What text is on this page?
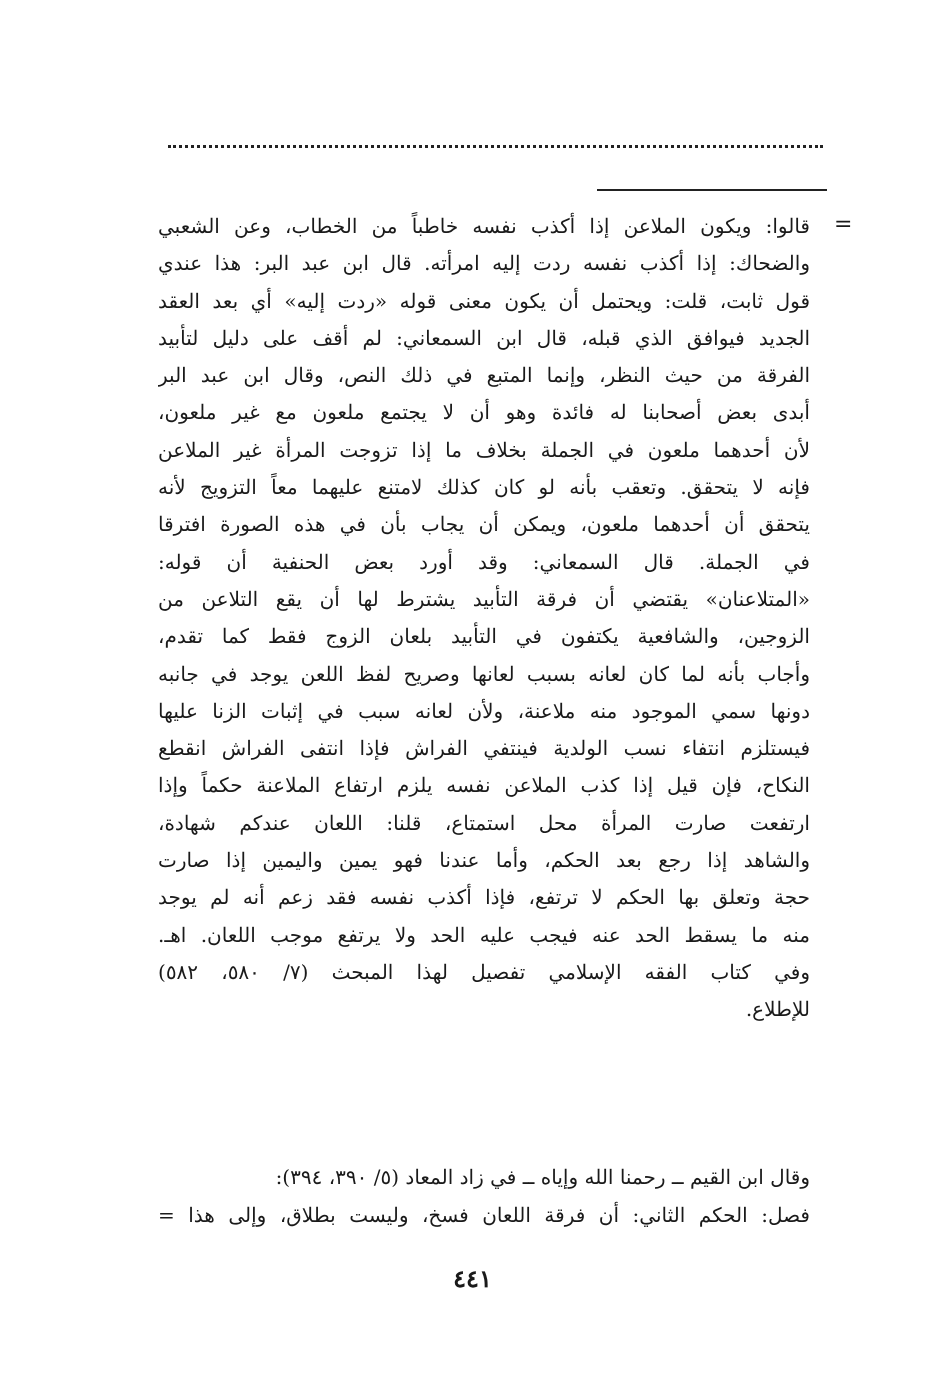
=
قالوا: ويكون الملاعن إذا أكذب نفسه خاطباً من الخطاب، وعن الشعبي
والضحاك: إذا أكذب نفسه ردت إليه امرأته. قال ابن عبد البر: هذا عندي
قول ثابت، قلت: ويحتمل أن يكون معنى قوله «ردت إليه» أي بعد العقد
الجديد فيوافق الذي قبله، قال ابن السمعاني: لم أقف على دليل لتأبيد
الفرقة من حيث النظر، وإنما المتبع في ذلك النص، وقال ابن عبد البر
أبدى بعض أصحابنا له فائدة وهو أن لا يجتمع ملعون مع غير ملعون،
لأن أحدهما ملعون في الجملة بخلاف ما إذا تزوجت المرأة غير الملاعن
فإنه لا يتحقق. وتعقب بأنه لو كان كذلك لامتنع عليهما معاً التزويج لأنه
يتحقق أن أحدهما ملعون، ويمكن أن يجاب بأن في هذه الصورة افترقا
في الجملة. قال السمعاني: وقد أورد بعض الحنفية أن قوله:
«المتلاعنان» يقتضي أن فرقة التأبيد يشترط لها أن يقع التلاعن من
الزوجين، والشافعية يكتفون في التأبيد بلعان الزوج فقط كما تقدم،
وأجاب بأنه لما كان لعانه بسبب لعانها وصريح لفظ اللعن يوجد في جانبه
دونها سمي الموجود منه ملاعنة، ولأن لعانه سبب في إثبات الزنا عليها
فيستلزم انتفاء نسب الولدية فينتفي الفراش فإذا انتفى الفراش انقطع
النكاح، فإن قيل إذا كذب الملاعن نفسه يلزم ارتفاع الملاعنة حكماً وإذا
ارتفعت صارت المرأة محل استمتاع، قلنا: اللعان عندكم شهادة،
والشاهد إذا رجع بعد الحكم، وأما عندنا فهو يمين واليمين إذا صارت
حجة وتعلق بها الحكم لا ترتفع، فإذا أكذب نفسه فقد زعم أنه لم يوجد
منه ما يسقط الحد عنه فيجب عليه الحد ولا يرتفع موجب اللعان. اهـ.
وفي كتاب الفقه الإسلامي تفصيل لهذا المبحث (٧/ ٥٨٠، ٥٨٢)
للإطلاع.
وقال ابن القيم ــ رحمنا الله وإياه ــ في زاد المعاد (٥/ ٣٩٠، ٣٩٤):
فصل: الحكم الثاني: أن فرقة اللعان فسخ، وليست بطلاق، وإلى هذا =
٤٤١
